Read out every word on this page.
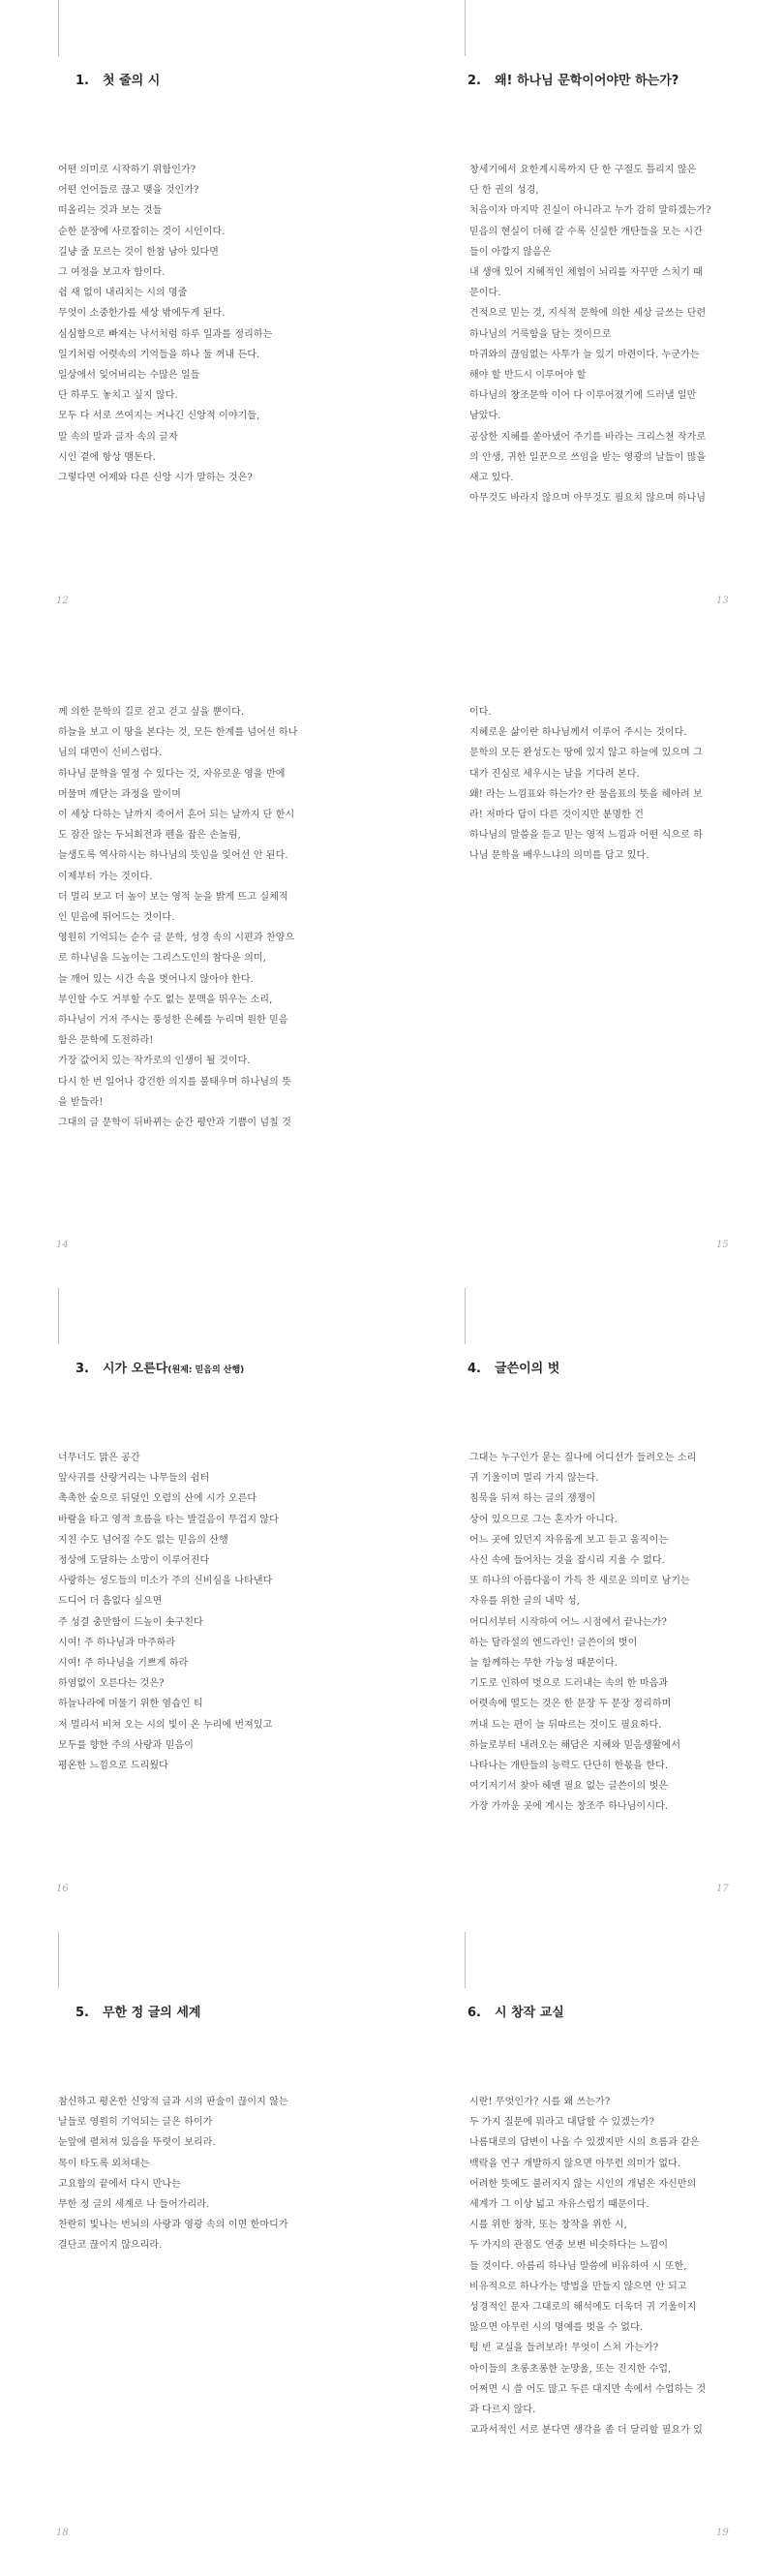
1. 첫 줄의 시
어떤 의미로 시작하기 위함인가?
어떤 언어들로 끊고 맺을 것인가?
떠올리는 것과 보는 것들
순한 문장에 사로잡히는 것이 시인이다.
길냥 줄 모르는 것이 한참 남아 있다면
그 여정을 보고자 함이다.
쉼 새 없이 내리치는 시의 명줄
무엇이 소중한가를 세상 밖에두게 된다.
심심함으로 빠져는 낙서처럼 하루 일과를 정리하는
일기처럼 어렷속의 기억들을 하나 둘 꺼내 든다.
일상에서 잊어버리는 수많은 일들
단 하루도 놓치고 싶지 않다.
모두 다 서로 쓰여지는 거나긴 신앙적 이야기들,
말 속의 말과 글자 속의 글자
시인 곁에 항상 맴돈다.
그렇다면 어제와 다른 신앙 시가 말하는 것은?
12
2. 왜! 하나님 문학이어야만 하는가?
창세기에서 요한계시록까지 단 한 구절도 틀리지 않은
단 한 권의 성경,
처음이자 마지막 진실이 아니라고 누가 감히 말하겠는가?
믿음의 현실이 더해 갈 수록 신실한 개탄들을 모는 시간
들이 아깝지 않음은
내 생애 있어 지혜적인 체험이 뇌리를 자꾸만 스치기 때
문이다.
견적으로 믿는 것, 지식적 문학에 의한 세상 글쓰는 단련
하나님의 거룩함을 담는 것이므로
마귀와의 끊임없는 사투가 늘 있기 마련이다. 누군가는
해야 할 반드시 이루어야 할
하나님의 창조문학 이어 다 이루어졌기에 드러낼 일만
남았다.
공삼한 지혜를 쏟아냈어 주기를 바라는 크리스천 작가로
의 안생, 귀한 일꾼으로 쓰임을 받는 영광의 날들이 많을
새고 있다.
아무것도 바라지 않으며 아무것도 필요치 않으며 하나님
13
께 의한 문학의 길로 걷고 걷고 싶을 뿐이다.
하늘을 보고 이 땅을 본다는 것, 모든 한계를 넘어선 하나
님의 대면이 신비스럽다.
하나님 문학을 열정 수 있다는 것, 자유로운 영을 반에
머물며 깨닫는 과정을 말이며
이 세상 다하는 날까지 죽어서 흔어 되는 날까지 단 한시
도 잠잔 않는 두뇌회전과 펜을 잡은 손놀림,
늘생도록 역사하시는 하나님의 뜻임을 잊어선 안 된다.
이제부터 가는 것이다.
더 멀리 보고 더 높이 보는 영적 눈을 밝게 뜨고 실체적
인 믿음에 뛰어드는 것이다.
영원히 기억되는 순수 글 문학, 성경 속의 시편과 찬양으
로 하나님을 드높이는 그리스도인의 참다운 의미,
늘 깨어 있는 시간 속을 벗어나지 않아야 한다.
부인할 수도 거부할 수도 없는 문맥을 뛰우는 소리,
하나님이 거저 주시는 풍성한 은혜를 누리며 원한 믿음
함은 문학에 도전하라!
가장 값어치 있는 작가로의 인생이 될 것이다.
다시 한 번 일어나 강건한 의지를 불태우며 하나님의 뜻
을 받들라!
그대의 글 문학이 뒤바뀌는 순간 평안과 기쁨이 넘칠 것
14
이다.
지혜로운 삶이란 하나님께서 이루어 주시는 것이다.
문학의 모든 완성도는 땅에 있지 않고 하늘에 있으며 그
대가 진심로 세우시는 날을 기다려 본다.
왜! 라는 느낌표와 하는가? 란 물음표의 뜻을 헤아려 보
라! 저마다 답이 다른 것이지만 분명한 건
하나님의 말씀을 듣고 믿는 영적 느낌과 어떤 식으로 하
나님 문학을 배우느냐의 의미를 답고 있다.
15
3. 시가 오른다(원제: 믿음의 산행)
너무너도 맑은 공간
앞사귀를 산랑거리는 나무들의 쉼터
촉촉한 숲으로 뒤덮인 오렴의 산에 시가 오른다
바람을 타고 영적 흐름을 타는 발걸음이 무겁지 않다
지친 수도 넘어질 수도 없는 믿음의 산행
정상에 도달하는 소망이 이루어진다
사랑하는 성도들의 미소가 주의 신비심을 나타낸다
드디어 더 흠없다 싶으면
주 성결 충만함이 드높이 솟구친다
시여! 주 하나님과 마주하라
시여! 주 하나님을 기쁘게 하라
하염없이 오른다는 것은?
하늘나라에 머물기 위한 염습인 티
저 멀리서 비쳐 오는 시의 빛이 온 누리에 번져있고
모두를 향한 주의 사랑과 믿음이
평온한 느낌으로 드리웠다
16
4. 글쓴이의 벗
그대는 누구인가 묻는 질나에 어디선가 들려오는 소리
귀 기울이며 멀리 가지 않는다.
침묵을 뒤져 하는 글의 쟁쟁이
상어 있으므로 그는 혼자가 아니다.
어느 곳에 있던지 자유롭게 보고 듣고 움직이는
사신 속에 들어차는 것을 잡시리 지울 수 없다.
또 하나의 아름다움이 가득 찬 새로운 의미로 남기는
자유를 위한 글의 내막 성,
어디서부터 시작하여 어느 시점에서 끝나는가?
하는 담라설의 엔드라인! 글쓴이의 벗이
늘 함께하는 무한 가능성 때문이다.
기도로 인하여 벗으로 드러내는 속의 한 마음과
어렷속에 떨도는 것은 한 문장 두 문장 정리하며
꺼내 드는 편이 늘 뒤따르는 것이도 필요하다.
하늘로부터 내려오는 해답은 지혜와 믿음생활에서
나타나는 개탄들의 능력도 단단히 한몫을 한다.
여기저기서 찾아 헤맨 필요 없는 글쓴이의 벗은
가장 가까운 곳에 계시는 창조주 하나님이시다.
17
5. 무한 정 글의 세계
참신하고 평온한 신앙적 글과 시의 판술이 끊이지 않는
날들로 영원히 기억되는 글은 하이가
눈앞에 펼쳐져 있음을 뚜렷이 보리라.
목이 타도록 외쳐대는
고요함의 끝에서 다시 만나는
무한 정 글의 세계로 나 들어가리라.
찬란히 빛나는 번뇌의 사랑과 영광 속의 이면 한마디가
결단코 끊이지 않으리라.
18
6. 시 창작 교실
시란! 무엇인가? 시를 왜 쓰는가?
두 가지 질문에 뭐라고 대답할 수 있겠는가?
나름대로의 답변이 나올 수 있겠지만 시의 흐름과 같은
백락을 연구 개발하지 않으면 아무런 의미가 없다.
어려한 뜻에도 불러지지 않는 시인의 개념은 자신만의
세계가 그 이상 넓고 자유스럽기 때문이다.
시를 위한 창작, 또는 창작을 위한 시,
두 가지의 관점도 연중 보변 비슷하다는 느낌이
들 것이다. 아름리 하나님 말씀에 비유하여 시 또한,
비유적으로 하나가는 방법을 만들지 않으면 안 되고
성경적인 문자 그대로의 해석에도 더욱더 귀 기울이지
않으면 아무런 시의 명예를 벗을 수 없다.
텅 빈 교실을 들려보라! 무엇이 스쳐 가는가?
아이들의 초롱초롱한 눈망울, 또는 진지한 수업,
어쩌면 시 쓸 어도 많고 두른 대지만 속에서 수업하는 것
과 다르지 않다.
교과서적인 서로 분다면 생각을 좀 더 달리할 필요가 있
19
